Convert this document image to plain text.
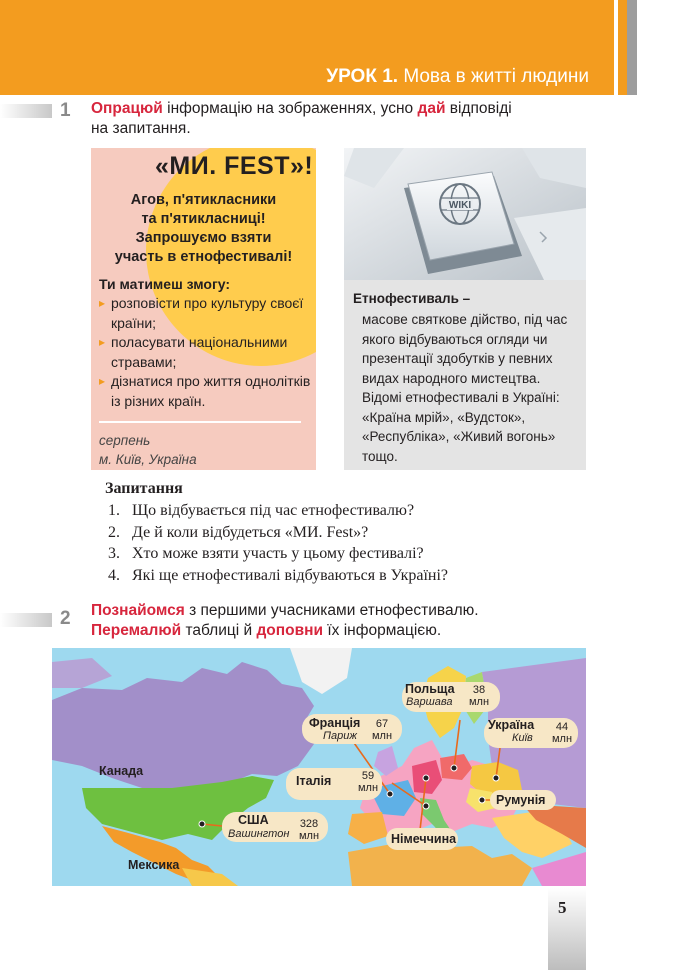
УРОК 1. Мова в житті людини
1 Опрацюй інформацію на зображеннях, усно дай відповіді
на запитання.
«МИ. FEST»!
Агов, п'ятикласники
та п'ятикласниці!
Запрошуємо взяти
участь в етнофестивалі!
Ти матимеш змогу:
▸ розповісти про культуру своєї країни;
▸ поласувати національними стравами;
▸ дізнатися про життя однолітків із різних країн.
серпень
м. Київ, Україна
WIKI
Етнофестиваль –
масове святкове дійство, під час якого відбуваються огляди чи презентації здобутків у певних видах народного мистецтва. Відомі етнофестивалі в Україні: «Країна мрій», «Вудсток», «Республіка», «Живий вогонь» тощо.
Запитання
1. Що відбувається під час етнофестивалю?
2. Де й коли відбудеться «МИ. Fest»?
3. Хто може взяти участь у цьому фестивалі?
4. Які ще етнофестивалі відбуваються в Україні?
2 Познайомся з першими учасниками етнофестивалю.
Перемалюй таблиці й доповни їх інформацією.
Канада
Мексика
США
Вашингтон
328
млн
Франція
Париж
67
млн
Польща
Варшава
38
млн
Україна
Київ
44
млн
Італія	59
млн
Румунія
Німеччина
5
